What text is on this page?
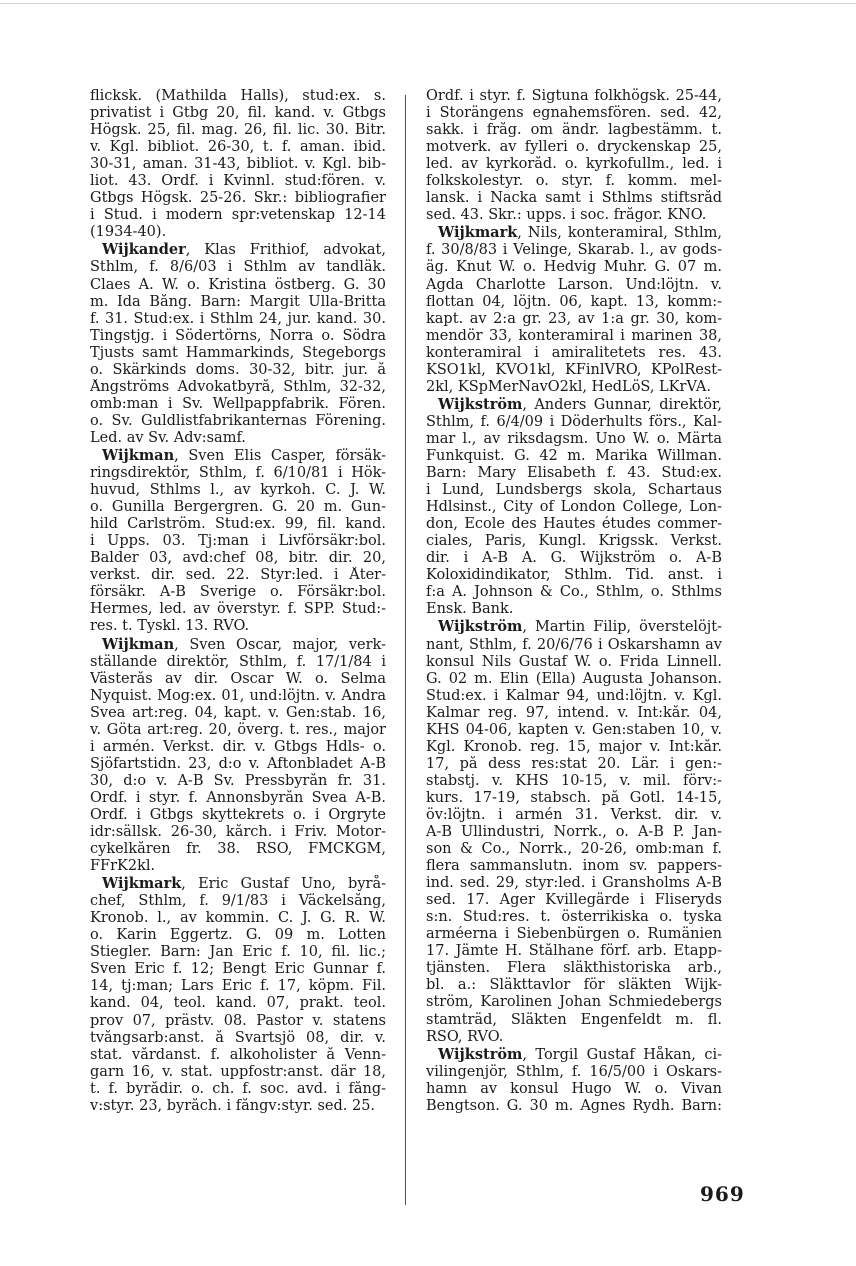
flicksk. (Mathilda Halls), stud:ex. s.

privatist i Gtbg 20, fil. kand. v. Gtbgs

Högsk. 25, fil. mag. 26, fil. lic. 30. Bitr.

v. Kgl. bibliot. 26-30, t. f. aman. ibid.

30-31, aman. 31-43, bibliot. v. Kgl. bib-

liot. 43. Ordf. i Kvinnl. stud:fören. v.

Gtbgs Högsk. 25-26. Skr.: bibliografier

i Stud. i modern spr:vetenskap 12-14

(1934-40).

Wijkander, Klas Frithiof, advokat,

Sthlm, f. 8/6/03 i Sthlm av tandläk.

Claes A. W. o. Kristina östberg. G. 30

m. Ida Bång. Barn: Margit Ulla-Britta

f. 31. Stud:ex. i Sthlm 24, jur. kand. 30.

Tingstjg. i Södertörns, Norra o. Södra

Tjusts samt Hammarkinds, Stegeborgs

o. Skärkinds doms. 30-32, bitr. jur. å

Ångströms Advokatbyrå, Sthlm, 32-32,

omb:man i Sv. Wellpappfabrik. Fören.

o. Sv. Guldlistfabrikanternas Förening.

Led. av Sv. Adv:samf.

Wijkman, Sven Elis Casper, försäk-

ringsdirektör, Sthlm, f. 6/10/81 i Hök-

huvud, Sthlms l., av kyrkoh. C. J. W.

o. Gunilla Bergergren. G. 20 m. Gun-

hild Carlström. Stud:ex. 99, fil. kand.

i Upps. 03. Tj:man i Livförsäkr:bol.

Balder 03, avd:chef 08, bitr. dir. 20,

verkst. dir. sed. 22. Styr:led. i Åter-

försäkr. A-B Sverige o. Försäkr:bol.

Hermes, led. av överstyr. f. SPP. Stud:-

res. t. Tyskl. 13. RVO.

Wijkman, Sven Oscar, major, verk-

ställande direktör, Sthlm, f. 17/1/84 i

Västerås av dir. Oscar W. o. Selma

Nyquist. Mog:ex. 01, und:löjtn. v. Andra

Svea art:reg. 04, kapt. v. Gen:stab. 16,

v. Göta art:reg. 20, överg. t. res., major

i armén. Verkst. dir. v. Gtbgs Hdls- o.

Sjöfartstidn. 23, d:o v. Aftonbladet A-B

30, d:o v. A-B Sv. Pressbyrån fr. 31.

Ordf. i styr. f. Annonsbyrån Svea A-B.

Ordf. i Gtbgs skyttekrets o. i Örgryte

idr:sällsk. 26-30, kårch. i Friv. Motor-

cykelkåren fr. 38. RSO, FMCKGM,

FFrK2kl.

Wijkmark, Eric Gustaf Uno, byrå-

chef, Sthlm, f. 9/1/83 i Väckelsång,

Kronob. l., av kommin. C. J. G. R. W.

o. Karin Eggertz. G. 09 m. Lotten

Stiegler. Barn: Jan Eric f. 10, fil. lic.;

Sven Eric f. 12; Bengt Eric Gunnar f.

14, tj:man; Lars Eric f. 17, köpm. Fil.

kand. 04, teol. kand. 07, prakt. teol.

prov 07, prästv. 08. Pastor v. statens

tvångsarb:anst. å Svartsjö 08, dir. v.

stat. vårdanst. f. alkoholister å Venn-

garn 16, v. stat. uppfostr:anst. där 18,

t. f. byrådir. o. ch. f. soc. avd. i fång-

v:styr. 23, byråch. i fångv:styr. sed. 25.

Ordf. i styr. f. Sigtuna folkhögsk. 25-44,

i Storängens egnahemsfören. sed. 42,

sakk. i fråg. om ändr. lagbestämm. t.

motverk. av fylleri o. dryckenskap 25,

led. av kyrkoråd. o. kyrkofullm., led. i

folkskolestyr. o. styr. f. komm. mel-

lansk. i Nacka samt i Sthlms stiftsråd

sed. 43. Skr.: upps. i soc. frågor. KNO.

Wijkmark, Nils, konteramiral, Sthlm,

f. 30/8/83 i Velinge, Skarab. l., av gods-

äg. Knut W. o. Hedvig Muhr. G. 07 m.

Agda Charlotte Larson. Und:löjtn. v.

flottan 04, löjtn. 06, kapt. 13, komm:-

kapt. av 2:a gr. 23, av 1:a gr. 30, kom-

mendör 33, konteramiral i marinen 38,

konteramiral i amiralitetets res. 43.

KSO1kl, KVO1kl, KFinlVRO, KPolRest-

2kl, KSpMerNavO2kl, HedLöS, LKrVA.

Wijkström, Anders Gunnar, direktör,

Sthlm, f. 6/4/09 i Döderhults förs., Kal-

mar l., av riksdagsm. Uno W. o. Märta

Funkquist. G. 42 m. Marika Willman.

Barn: Mary Elisabeth f. 43. Stud:ex.

i Lund, Lundsbergs skola, Schartaus

Hdlsinst., City of London College, Lon-

don, Ecole des Hautes études commer-

ciales, Paris, Kungl. Krigssk. Verkst.

dir. i A-B A. G. Wijkström o. A-B

Koloxidindikator, Sthlm. Tid. anst. i

f:a A. Johnson & Co., Sthlm, o. Sthlms

Ensk. Bank.

Wijkström, Martin Filip, överstelöjt-

nant, Sthlm, f. 20/6/76 i Oskarshamn av

konsul Nils Gustaf W. o. Frida Linnell.

G. 02 m. Elin (Ella) Augusta Johanson.

Stud:ex. i Kalmar 94, und:löjtn. v. Kgl.

Kalmar reg. 97, intend. v. Int:kår. 04,

KHS 04-06, kapten v. Gen:staben 10, v.

Kgl. Kronob. reg. 15, major v. Int:kår.

17, på dess res:stat 20. Lär. i gen:-

stabstj. v. KHS 10-15, v. mil. förv:-

kurs. 17-19, stabsch. på Gotl. 14-15,

öv:löjtn. i armén 31. Verkst. dir. v.

A-B Ullindustri, Norrk., o. A-B P. Jan-

son & Co., Norrk., 20-26, omb:man f.

flera sammanslutn. inom sv. pappers-

ind. sed. 29, styr:led. i Gransholms A-B

sed. 17. Äger Kvillegärde i Fliseryds

s:n. Stud:res. t. österrikiska o. tyska

arméerna i Siebenbürgen o. Rumänien

17. Jämte H. Stålhane förf. arb. Etapp-

tjänsten. Flera släkthistoriska arb.,

bl. a.: Släkttavlor för släkten Wijk-

ström, Karolinen Johan Schmiedebergs

stamträd, Släkten Engenfeldt m. fl.

RSO, RVO.

Wijkström, Torgil Gustaf Håkan, ci-

vilingenjör, Sthlm, f. 16/5/00 i Oskars-

hamn av konsul Hugo W. o. Vivan

Bengtson. G. 30 m. Agnes Rydh. Barn:

969
